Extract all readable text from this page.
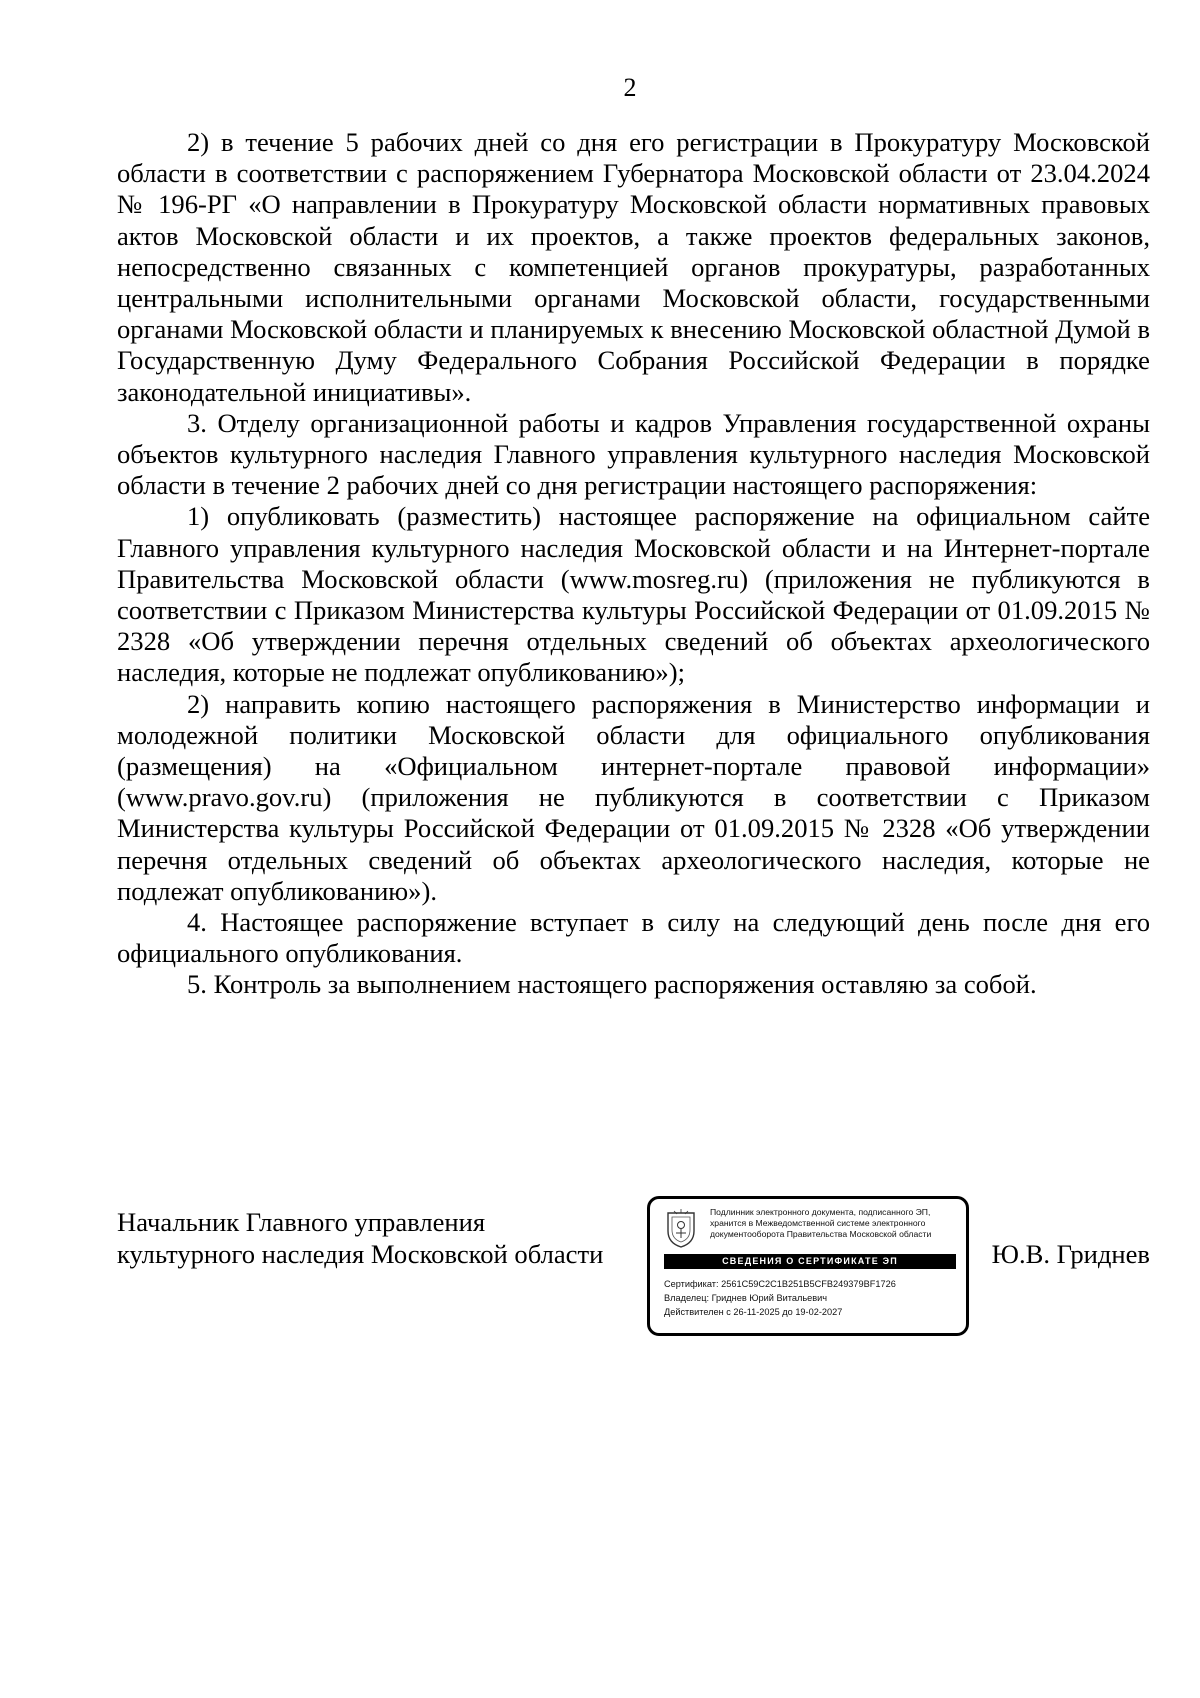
2

2) в течение 5 рабочих дней со дня его регистрации в Прокуратуру Московской области в соответствии с распоряжением Губернатора Московской области от 23.04.2024 № 196-РГ «О направлении в Прокуратуру Московской области нормативных правовых актов Московской области и их проектов, а также проектов федеральных законов, непосредственно связанных с компетенцией органов прокуратуры, разработанных центральными исполнительными органами Московской области, государственными органами Московской области и планируемых к внесению Московской областной Думой в Государственную Думу Федерального Собрания Российской Федерации в порядке законодательной инициативы».

3. Отделу организационной работы и кадров Управления государственной охраны объектов культурного наследия Главного управления культурного наследия Московской области в течение 2 рабочих дней со дня регистрации настоящего распоряжения:

1) опубликовать (разместить) настоящее распоряжение на официальном сайте Главного управления культурного наследия Московской области и на Интернет-портале Правительства Московской области (www.mosreg.ru) (приложения не публикуются в соответствии с Приказом Министерства культуры Российской Федерации от 01.09.2015 № 2328 «Об утверждении перечня отдельных сведений об объектах археологического наследия, которые не подлежат опубликованию»);

2) направить копию настоящего распоряжения в Министерство информации и молодежной политики Московской области для официального опубликования (размещения) на «Официальном интернет-портале правовой информации» (www.pravo.gov.ru) (приложения не публикуются в соответствии с Приказом Министерства культуры Российской Федерации от 01.09.2015 № 2328 «Об утверждении перечня отдельных сведений об объектах археологического наследия, которые не подлежат опубликованию»).

4. Настоящее распоряжение вступает в силу на следующий день после дня его официального опубликования.

5. Контроль за выполнением настоящего распоряжения оставляю за собой.

Начальник Главного управления
культурного наследия Московской области
Подлинник электронного документа, подписанного ЭП, хранится в Межведомственной системе электронного документооборота Правительства Московской области
СВЕДЕНИЯ О СЕРТИФИКАТЕ ЭП
Сертификат: 2561C59C2C1B251B5CFB249379BF1726
Владелец: Гриднев Юрий Витальевич
Действителен с 26-11-2025 до 19-02-2027
Ю.В. Гриднев
